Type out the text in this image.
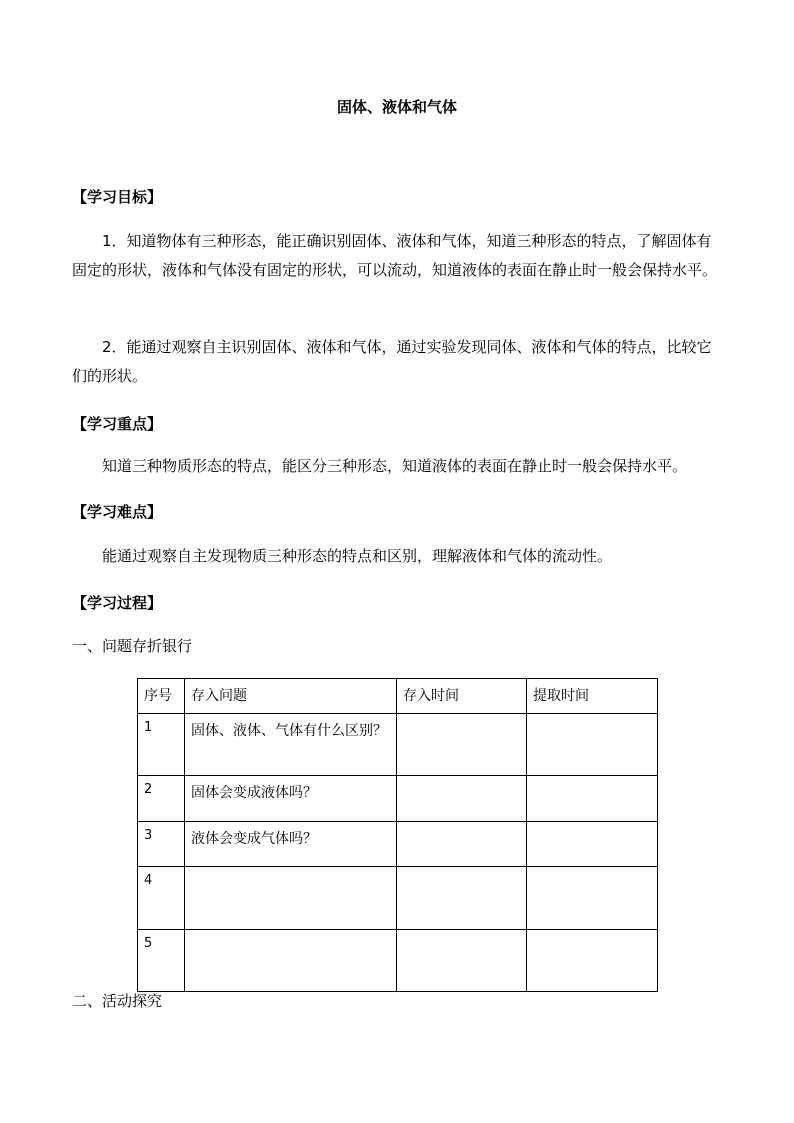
固体、液体和气体
【学习目标】
1．知道物体有三种形态，能正确识别固体、液体和气体，知道三种形态的特点，了解固体有固定的形状，液体和气体没有固定的形状，可以流动，知道液体的表面在静止时一般会保持水平。
2．能通过观察自主识别固体、液体和气体，通过实验发现同体、液体和气体的特点，比较它们的形状。
【学习重点】
知道三种物质形态的特点，能区分三种形态，知道液体的表面在静止时一般会保持水平。
【学习难点】
能通过观察自主发现物质三种形态的特点和区别，理解液体和气体的流动性。
【学习过程】
一、问题存折银行
序号	存入问题	存入时间	提取时间
1	固体、液体、气体有什么区别？		
2	固体会变成液体吗？		
3	液体会变成气体吗？		
4			
5			
二、活动探究
